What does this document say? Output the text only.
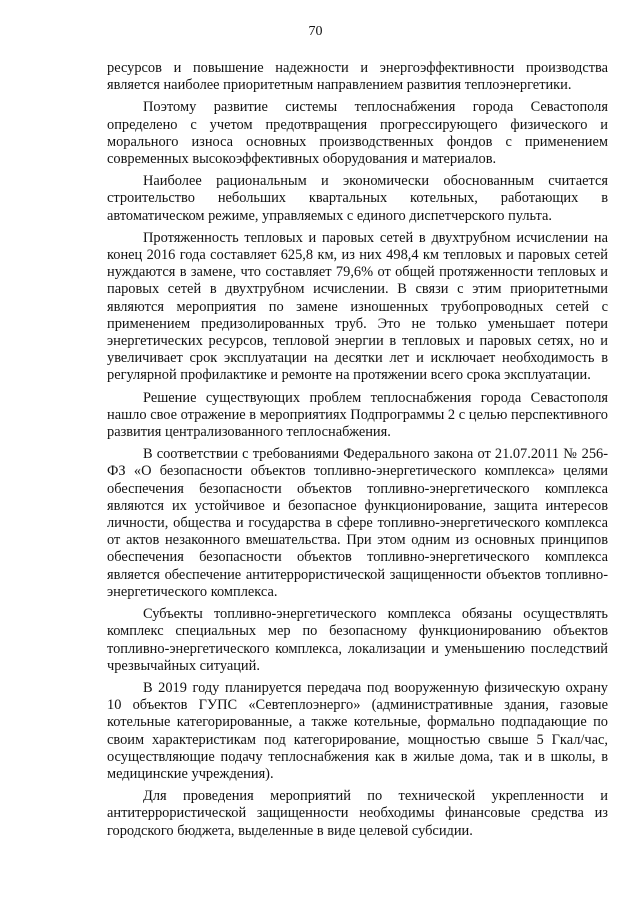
70

ресурсов и повышение надежности и энергоэффективности производства является наиболее приоритетным направлением развития теплоэнергетики.

Поэтому развитие системы теплоснабжения города Севастополя определено с учетом предотвращения прогрессирующего физического и морального износа основных производственных фондов с применением современных высокоэффективных оборудования и материалов.

Наиболее рациональным и экономически обоснованным считается строительство небольших квартальных котельных, работающих в автоматическом режиме, управляемых с единого диспетчерского пульта.

Протяженность тепловых и паровых сетей в двухтрубном исчислении на конец 2016 года составляет 625,8 км, из них 498,4 км тепловых и паровых сетей нуждаются в замене, что составляет 79,6% от общей протяженности тепловых и паровых сетей в двухтрубном исчислении. В связи с этим приоритетными являются мероприятия по замене изношенных трубопроводных сетей с применением предизолированных труб. Это не только уменьшает потери энергетических ресурсов, тепловой энергии в тепловых и паровых сетях, но и увеличивает срок эксплуатации на десятки лет и исключает необходимость в регулярной профилактике и ремонте на протяжении всего срока эксплуатации.

Решение существующих проблем теплоснабжения города Севастополя нашло свое отражение в мероприятиях Подпрограммы 2 с целью перспективного развития централизованного теплоснабжения.

В соответствии с требованиями Федерального закона от 21.07.2011 № 256-ФЗ «О безопасности объектов топливно-энергетического комплекса» целями обеспечения безопасности объектов топливно-энергетического комплекса являются их устойчивое и безопасное функционирование, защита интересов личности, общества и государства в сфере топливно-энергетического комплекса от актов незаконного вмешательства. При этом одним из основных принципов обеспечения безопасности объектов топливно-энергетического комплекса является обеспечение антитеррористической защищенности объектов топливно-энергетического комплекса.

Субъекты топливно-энергетического комплекса обязаны осуществлять комплекс специальных мер по безопасному функционированию объектов топливно-энергетического комплекса, локализации и уменьшению последствий чрезвычайных ситуаций.

В 2019 году планируется передача под вооруженную физическую охрану 10 объектов ГУПС «Севтеплоэнерго» (административные здания, газовые котельные категорированные, а также котельные, формально подпадающие по своим характеристикам под категорирование, мощностью свыше 5 Гкал/час, осуществляющие подачу теплоснабжения как в жилые дома, так и в школы, в медицинские учреждения).

Для проведения мероприятий по технической укрепленности и антитеррористической защищенности необходимы финансовые средства из городского бюджета, выделенные в виде целевой субсидии.
